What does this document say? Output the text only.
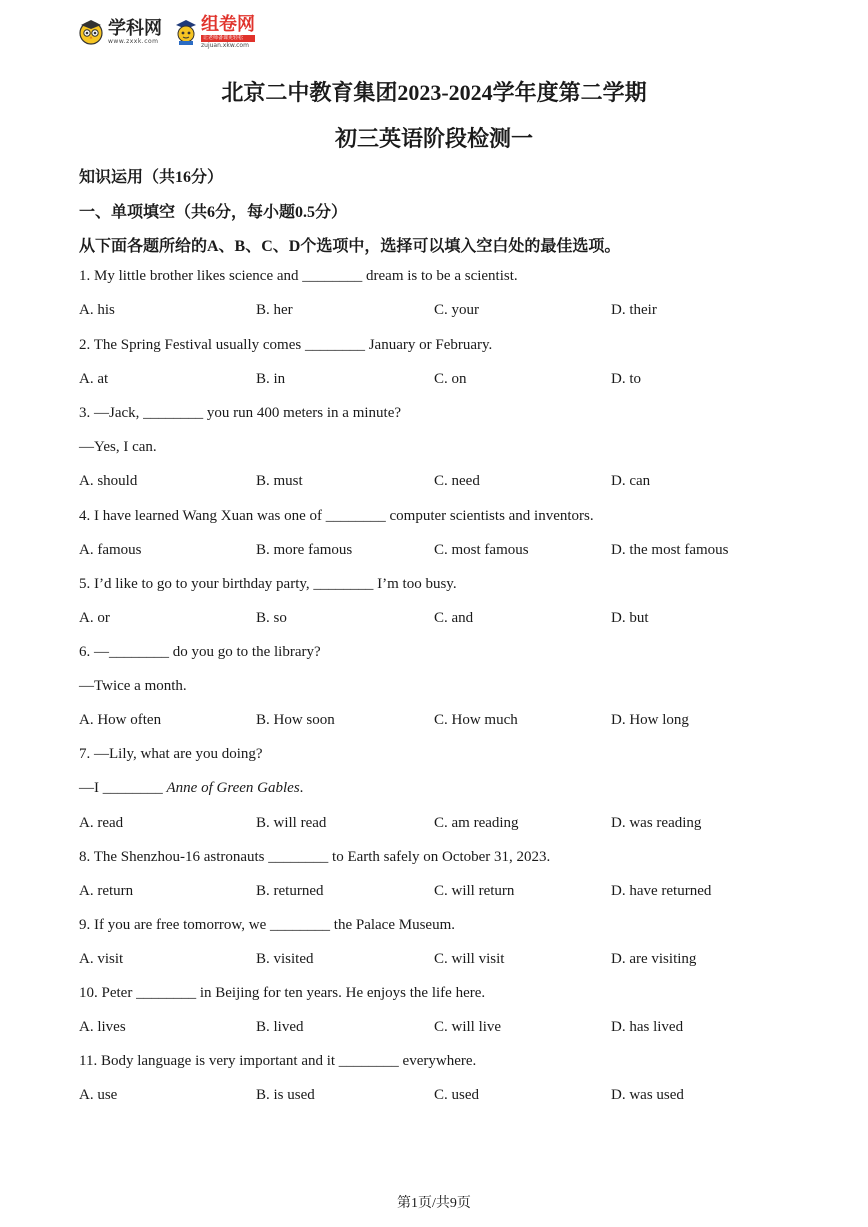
学科网
www.zxxk.com
组卷网
让老师备课更轻松
zujuan.xkw.com
北京二中教育集团2023-2024学年度第二学期
初三英语阶段检测一
知识运用（共16分）
一、单项填空（共6分，每小题0.5分）
从下面各题所给的A、B、C、D个选项中，选择可以填入空白处的最佳选项。
1. My little brother likes science and ________ dream is to be a scientist.
A. his	B. her	C. your	D. their
2. The Spring Festival usually comes ________ January or February.
A. at	B. in	C. on	D. to
3. —Jack, ________ you run 400 meters in a minute?
—Yes, I can.
A. should	B. must	C. need	D. can
4. I have learned Wang Xuan was one of ________ computer scientists and inventors.
A. famous	B. more famous	C. most famous	D. the most famous
5. I’d like to go to your birthday party, ________ I’m too busy.
A. or	B. so	C. and	D. but
6. —________ do you go to the library?
—Twice a month.
A. How often	B. How soon	C. How much	D. How long
7. —Lily, what are you doing?
—I ________ Anne of Green Gables.
A. read	B. will read	C. am reading	D. was reading
8. The Shenzhou-16 astronauts ________ to Earth safely on October 31, 2023.
A. return	B. returned	C. will return	D. have returned
9. If you are free tomorrow, we ________ the Palace Museum.
A. visit	B. visited	C. will visit	D. are visiting
10. Peter ________ in Beijing for ten years. He enjoys the life here.
A. lives	B. lived	C. will live	D. has lived
11. Body language is very important and it ________ everywhere.
A. use	B. is used	C. used	D. was used
第1页/共9页
